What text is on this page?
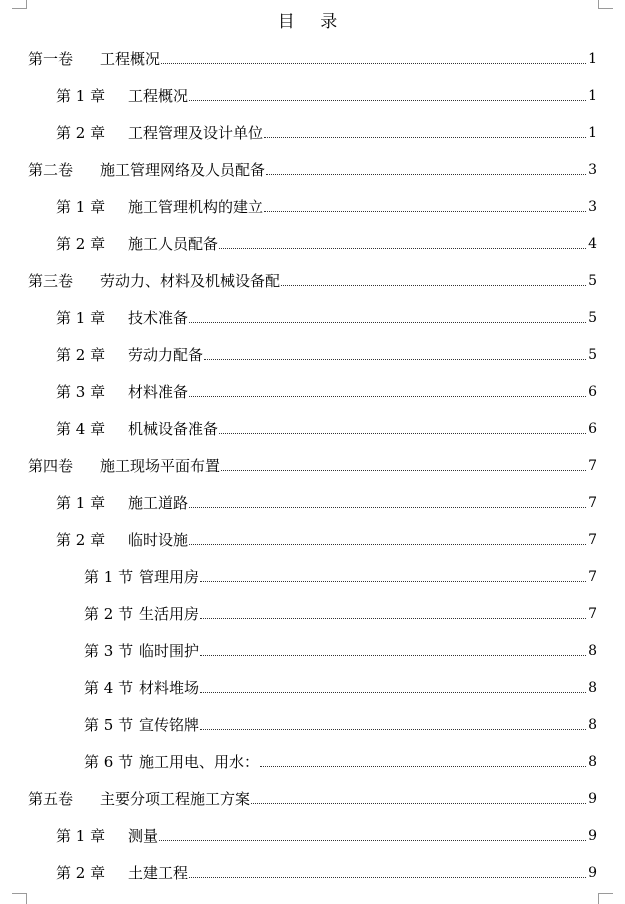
目 录
第一卷	工程概况	1
第 1 章	工程概况	1
第 2 章	工程管理及设计单位	1
第二卷	施工管理网络及人员配备	3
第 1 章	施工管理机构的建立	3
第 2 章	施工人员配备	4
第三卷	劳动力、材料及机械设备配	5
第 1 章	技术准备	5
第 2 章	劳动力配备	5
第 3 章	材料准备	6
第 4 章	机械设备准备	6
第四卷	施工现场平面布置	7
第 1 章	施工道路	7
第 2 章	临时设施	7
第 1 节 管理用房	7
第 2 节 生活用房	7
第 3 节 临时围护	8
第 4 节 材料堆场	8
第 5 节 宣传铭牌	8
第 6 节 施工用电、用水：	8
第五卷	主要分项工程施工方案	9
第 1 章	测量	9
第 2 章	土建工程	9
